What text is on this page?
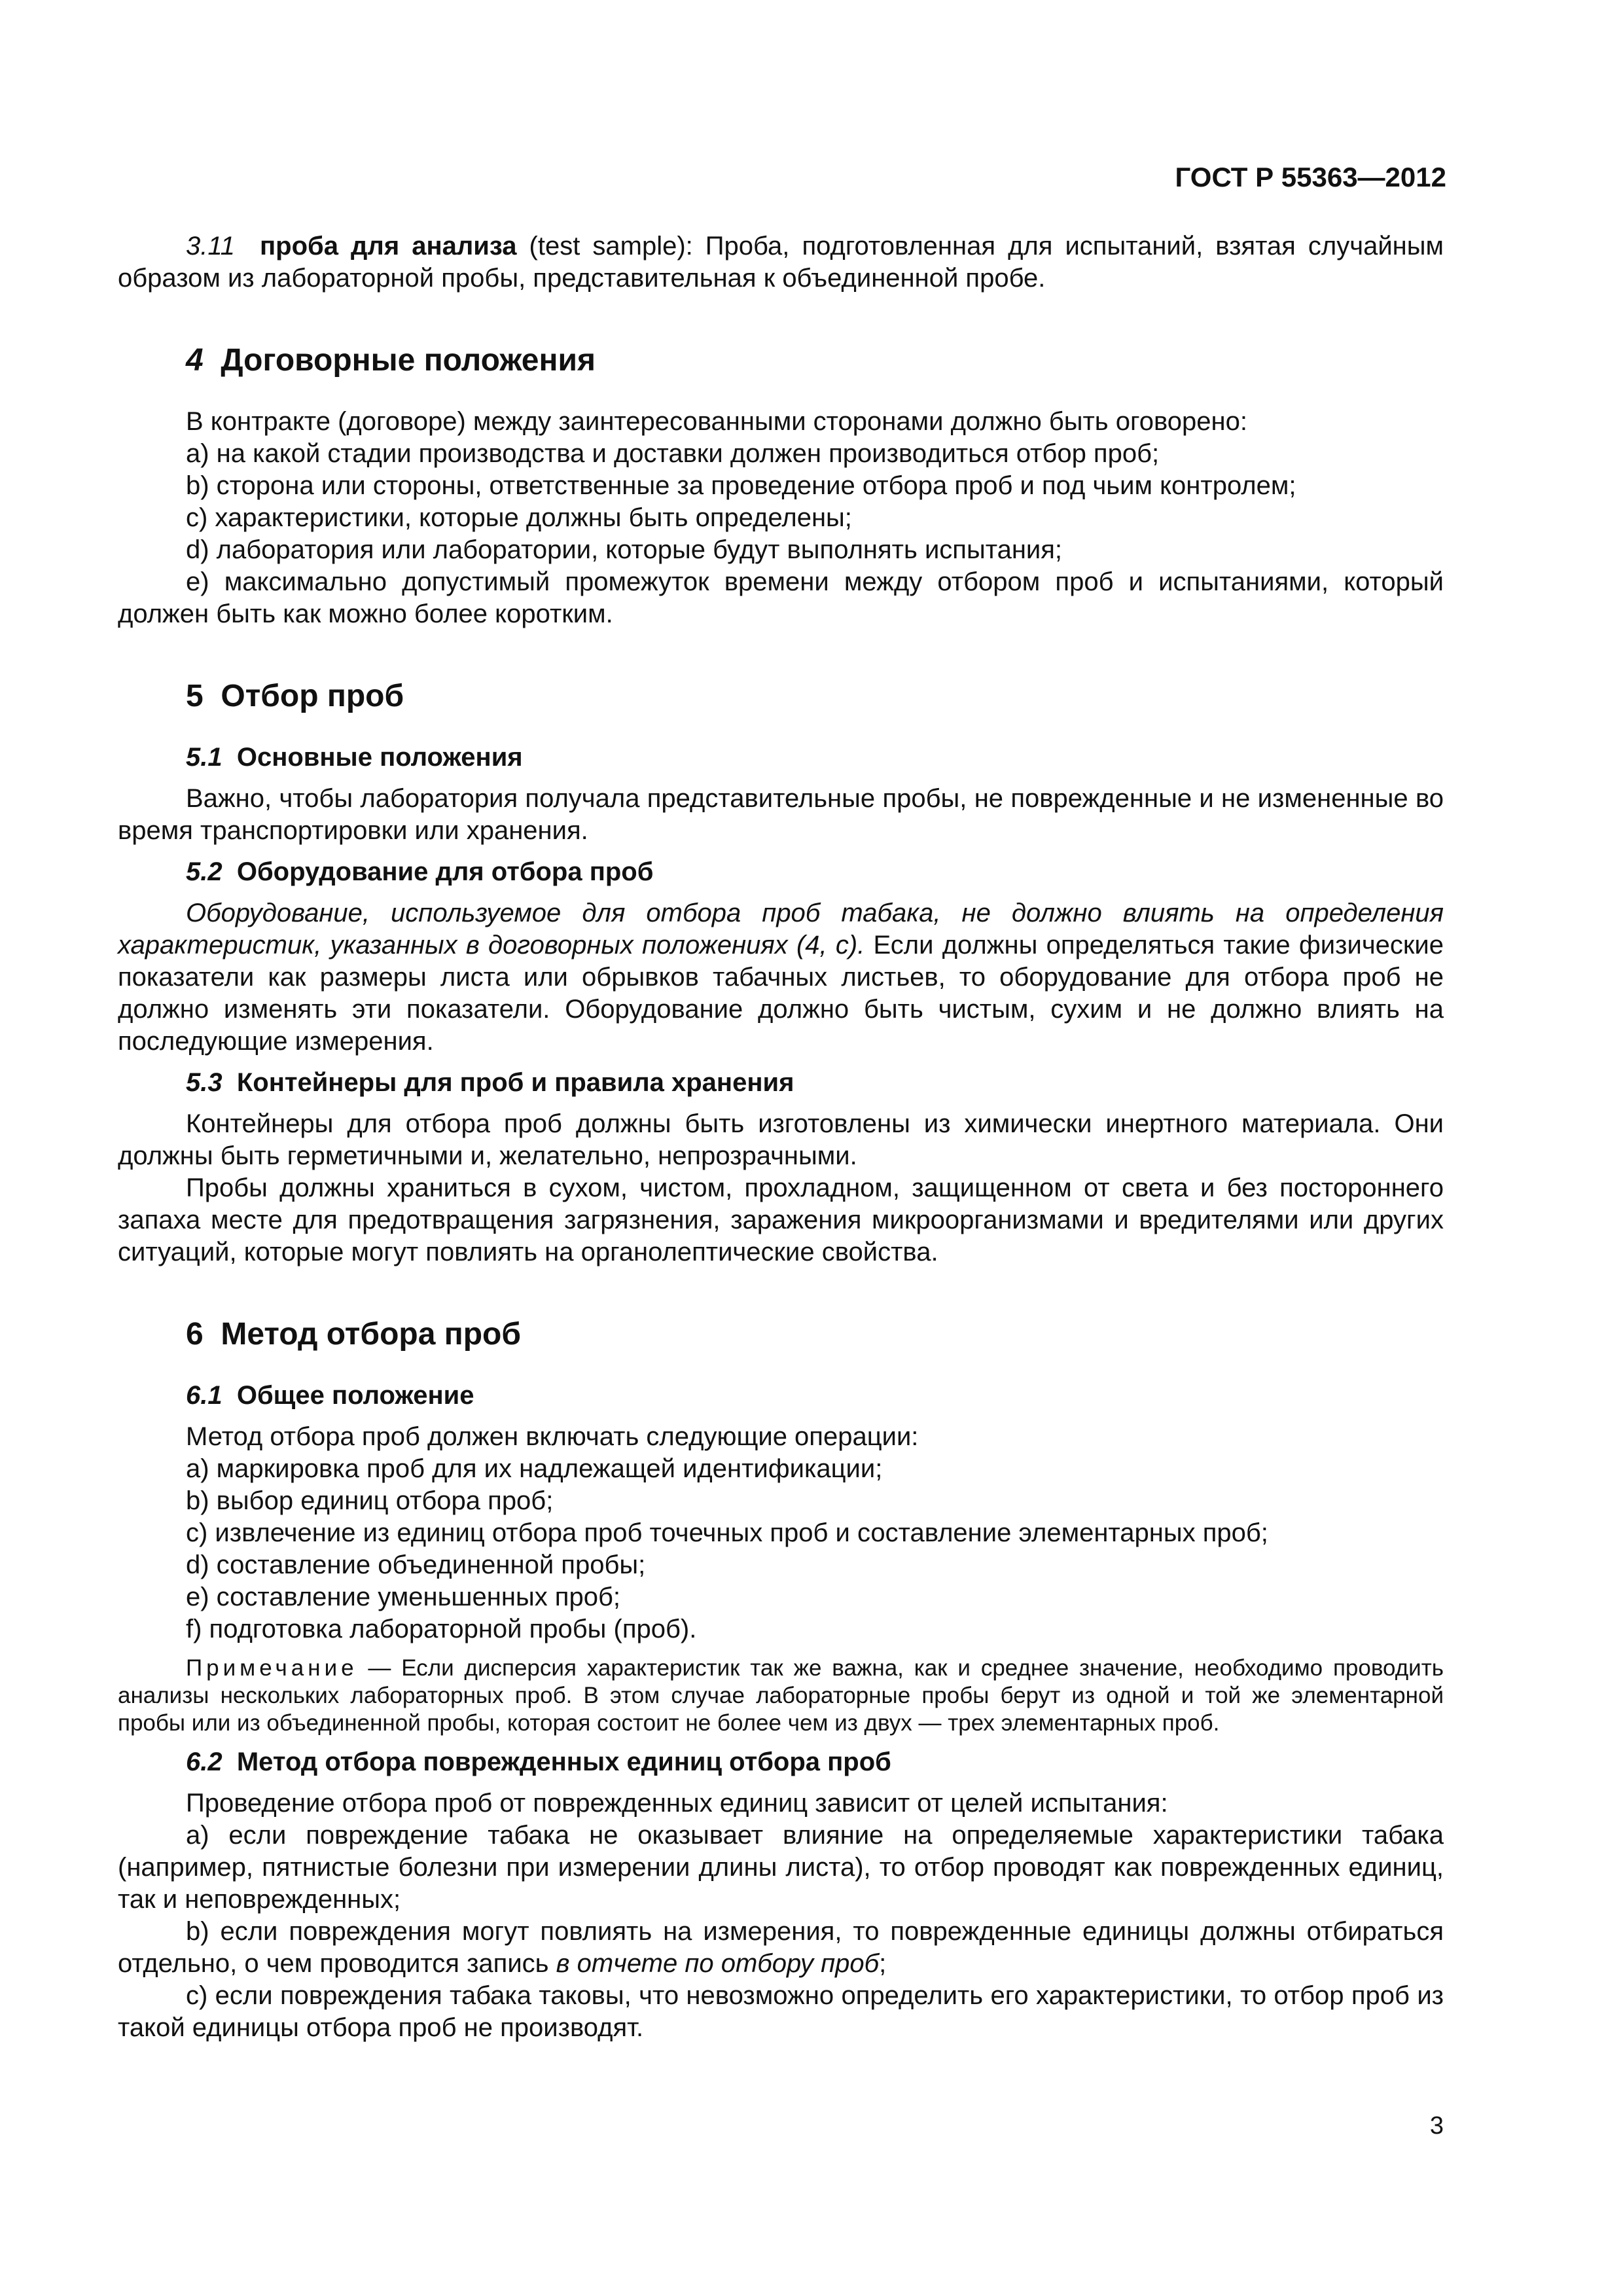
ГОСТ Р 55363—2012

3.11 проба для анализа (test sample): Проба, подготовленная для испытаний, взятая случайным образом из лабораторной пробы, представительная к объединенной пробе.

4 Договорные положения

В контракте (договоре) между заинтересованными сторонами должно быть оговорено:

a) на какой стадии производства и доставки должен производиться отбор проб;

b) сторона или стороны, ответственные за проведение отбора проб и под чьим контролем;

c) характеристики, которые должны быть определены;

d) лаборатория или лаборатории, которые будут выполнять испытания;

e) максимально допустимый промежуток времени между отбором проб и испытаниями, который должен быть как можно более коротким.

5 Отбор проб
5.1 Основные положения

Важно, чтобы лаборатория получала представительные пробы, не поврежденные и не измененные во время транспортировки или хранения.

5.2 Оборудование для отбора проб

Оборудование, используемое для отбора проб табака, не должно влиять на определения характеристик, указанных в договорных положениях (4, c). Если должны определяться такие физические показатели как размеры листа или обрывков табачных листьев, то оборудование для отбора проб не должно изменять эти показатели. Оборудование должно быть чистым, сухим и не должно влиять на последующие измерения.

5.3 Контейнеры для проб и правила хранения

Контейнеры для отбора проб должны быть изготовлены из химически инертного материала. Они должны быть герметичными и, желательно, непрозрачными.

Пробы должны храниться в сухом, чистом, прохладном, защищенном от света и без постороннего запаха месте для предотвращения загрязнения, заражения микроорганизмами и вредителями или других ситуаций, которые могут повлиять на органолептические свойства.

6 Метод отбора проб
6.1 Общее положение

Метод отбора проб должен включать следующие операции:

a) маркировка проб для их надлежащей идентификации;

b) выбор единиц отбора проб;

c) извлечение из единиц отбора проб точечных проб и составление элементарных проб;

d) составление объединенной пробы;

e) составление уменьшенных проб;

f) подготовка лабораторной пробы (проб).

Примечание — Если дисперсия характеристик так же важна, как и среднее значение, необходимо проводить анализы нескольких лабораторных проб. В этом случае лабораторные пробы берут из одной и той же элементарной пробы или из объединенной пробы, которая состоит не более чем из двух — трех элементарных проб.

6.2 Метод отбора поврежденных единиц отбора проб

Проведение отбора проб от поврежденных единиц зависит от целей испытания:

а) если повреждение табака не оказывает влияние на определяемые характеристики табака (например, пятнистые болезни при измерении длины листа), то отбор проводят как поврежденных единиц, так и неповрежденных;

b) если повреждения могут повлиять на измерения, то поврежденные единицы должны отбираться отдельно, о чем проводится запись в отчете по отбору проб;

c) если повреждения табака таковы, что невозможно определить его характеристики, то отбор проб из такой единицы отбора проб не производят.

3
